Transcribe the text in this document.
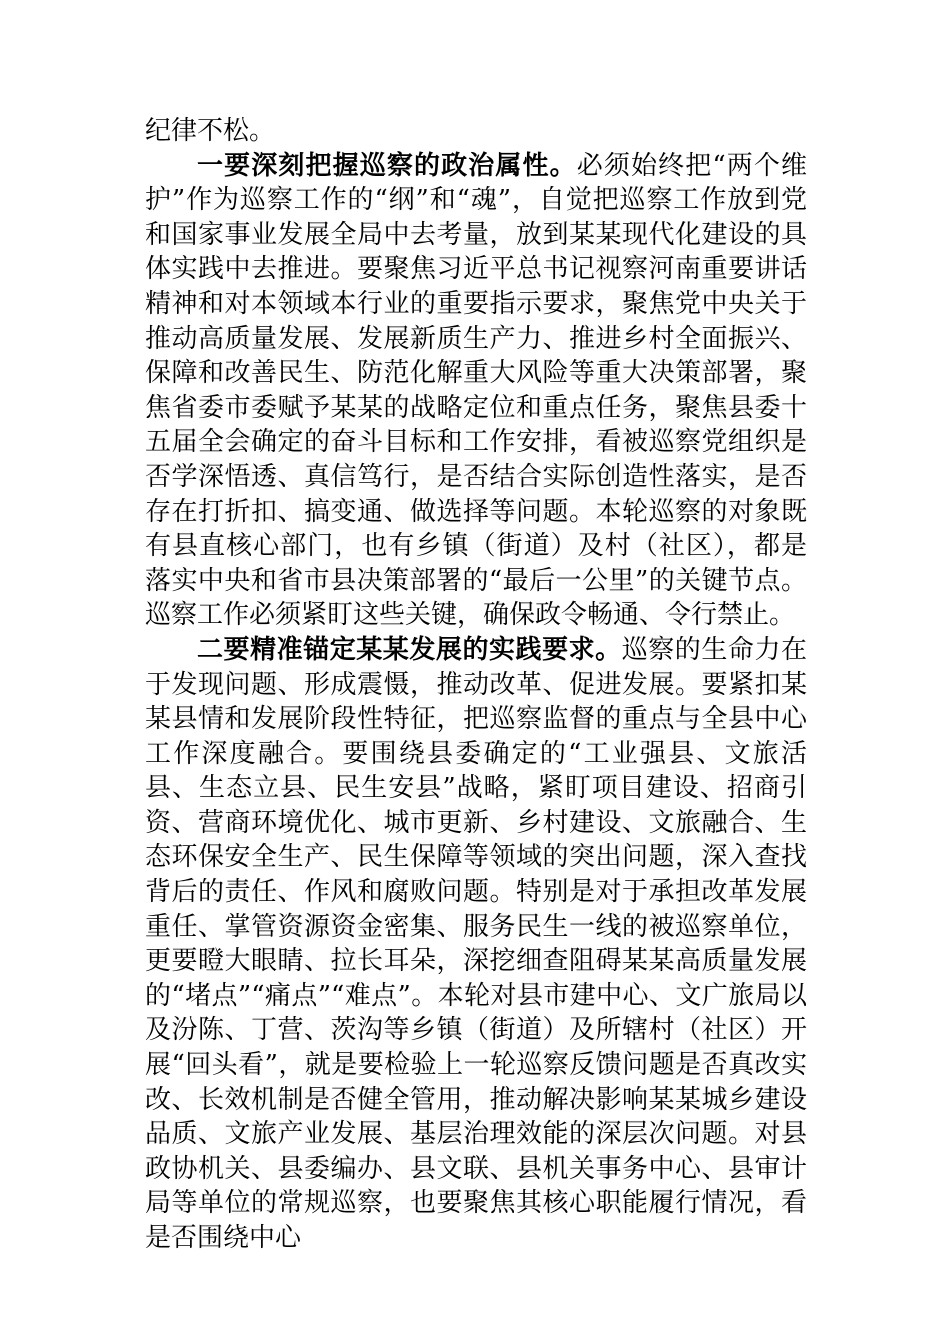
纪律不松。

一要深刻把握巡察的政治属性。必须始终把“两个维护”作为巡察工作的“纲”和“魂”，自觉把巡察工作放到党和国家事业发展全局中去考量，放到某某现代化建设的具体实践中去推进。要聚焦习近平总书记视察河南重要讲话精神和对本领域本行业的重要指示要求，聚焦党中央关于推动高质量发展、发展新质生产力、推进乡村全面振兴、保障和改善民生、防范化解重大风险等重大决策部署，聚焦省委市委赋予某某的战略定位和重点任务，聚焦县委十五届全会确定的奋斗目标和工作安排，看被巡察党组织是否学深悟透、真信笃行，是否结合实际创造性落实，是否存在打折扣、搞变通、做选择等问题。本轮巡察的对象既有县直核心部门，也有乡镇（街道）及村（社区），都是落实中央和省市县决策部署的“最后一公里”的关键节点。巡察工作必须紧盯这些关键，确保政令畅通、令行禁止。

二要精准锚定某某发展的实践要求。巡察的生命力在于发现问题、形成震慑，推动改革、促进发展。要紧扣某某县情和发展阶段性特征，把巡察监督的重点与全县中心工作深度融合。要围绕县委确定的“工业强县、文旅活县、生态立县、民生安县”战略，紧盯项目建设、招商引资、营商环境优化、城市更新、乡村建设、文旅融合、生态环保安全生产、民生保障等领域的突出问题，深入查找背后的责任、作风和腐败问题。特别是对于承担改革发展重任、掌管资源资金密集、服务民生一线的被巡察单位，更要瞪大眼睛、拉长耳朵，深挖细查阻碍某某高质量发展的“堵点”“痛点”“难点”。本轮对县市建中心、文广旅局以及汾陈、丁营、茨沟等乡镇（街道）及所辖村（社区）开展“回头看”，就是要检验上一轮巡察反馈问题是否真改实改、长效机制是否健全管用，推动解决影响某某城乡建设品质、文旅产业发展、基层治理效能的深层次问题。对县政协机关、县委编办、县文联、县机关事务中心、县审计局等单位的常规巡察，也要聚焦其核心职能履行情况，看是否围绕中心
